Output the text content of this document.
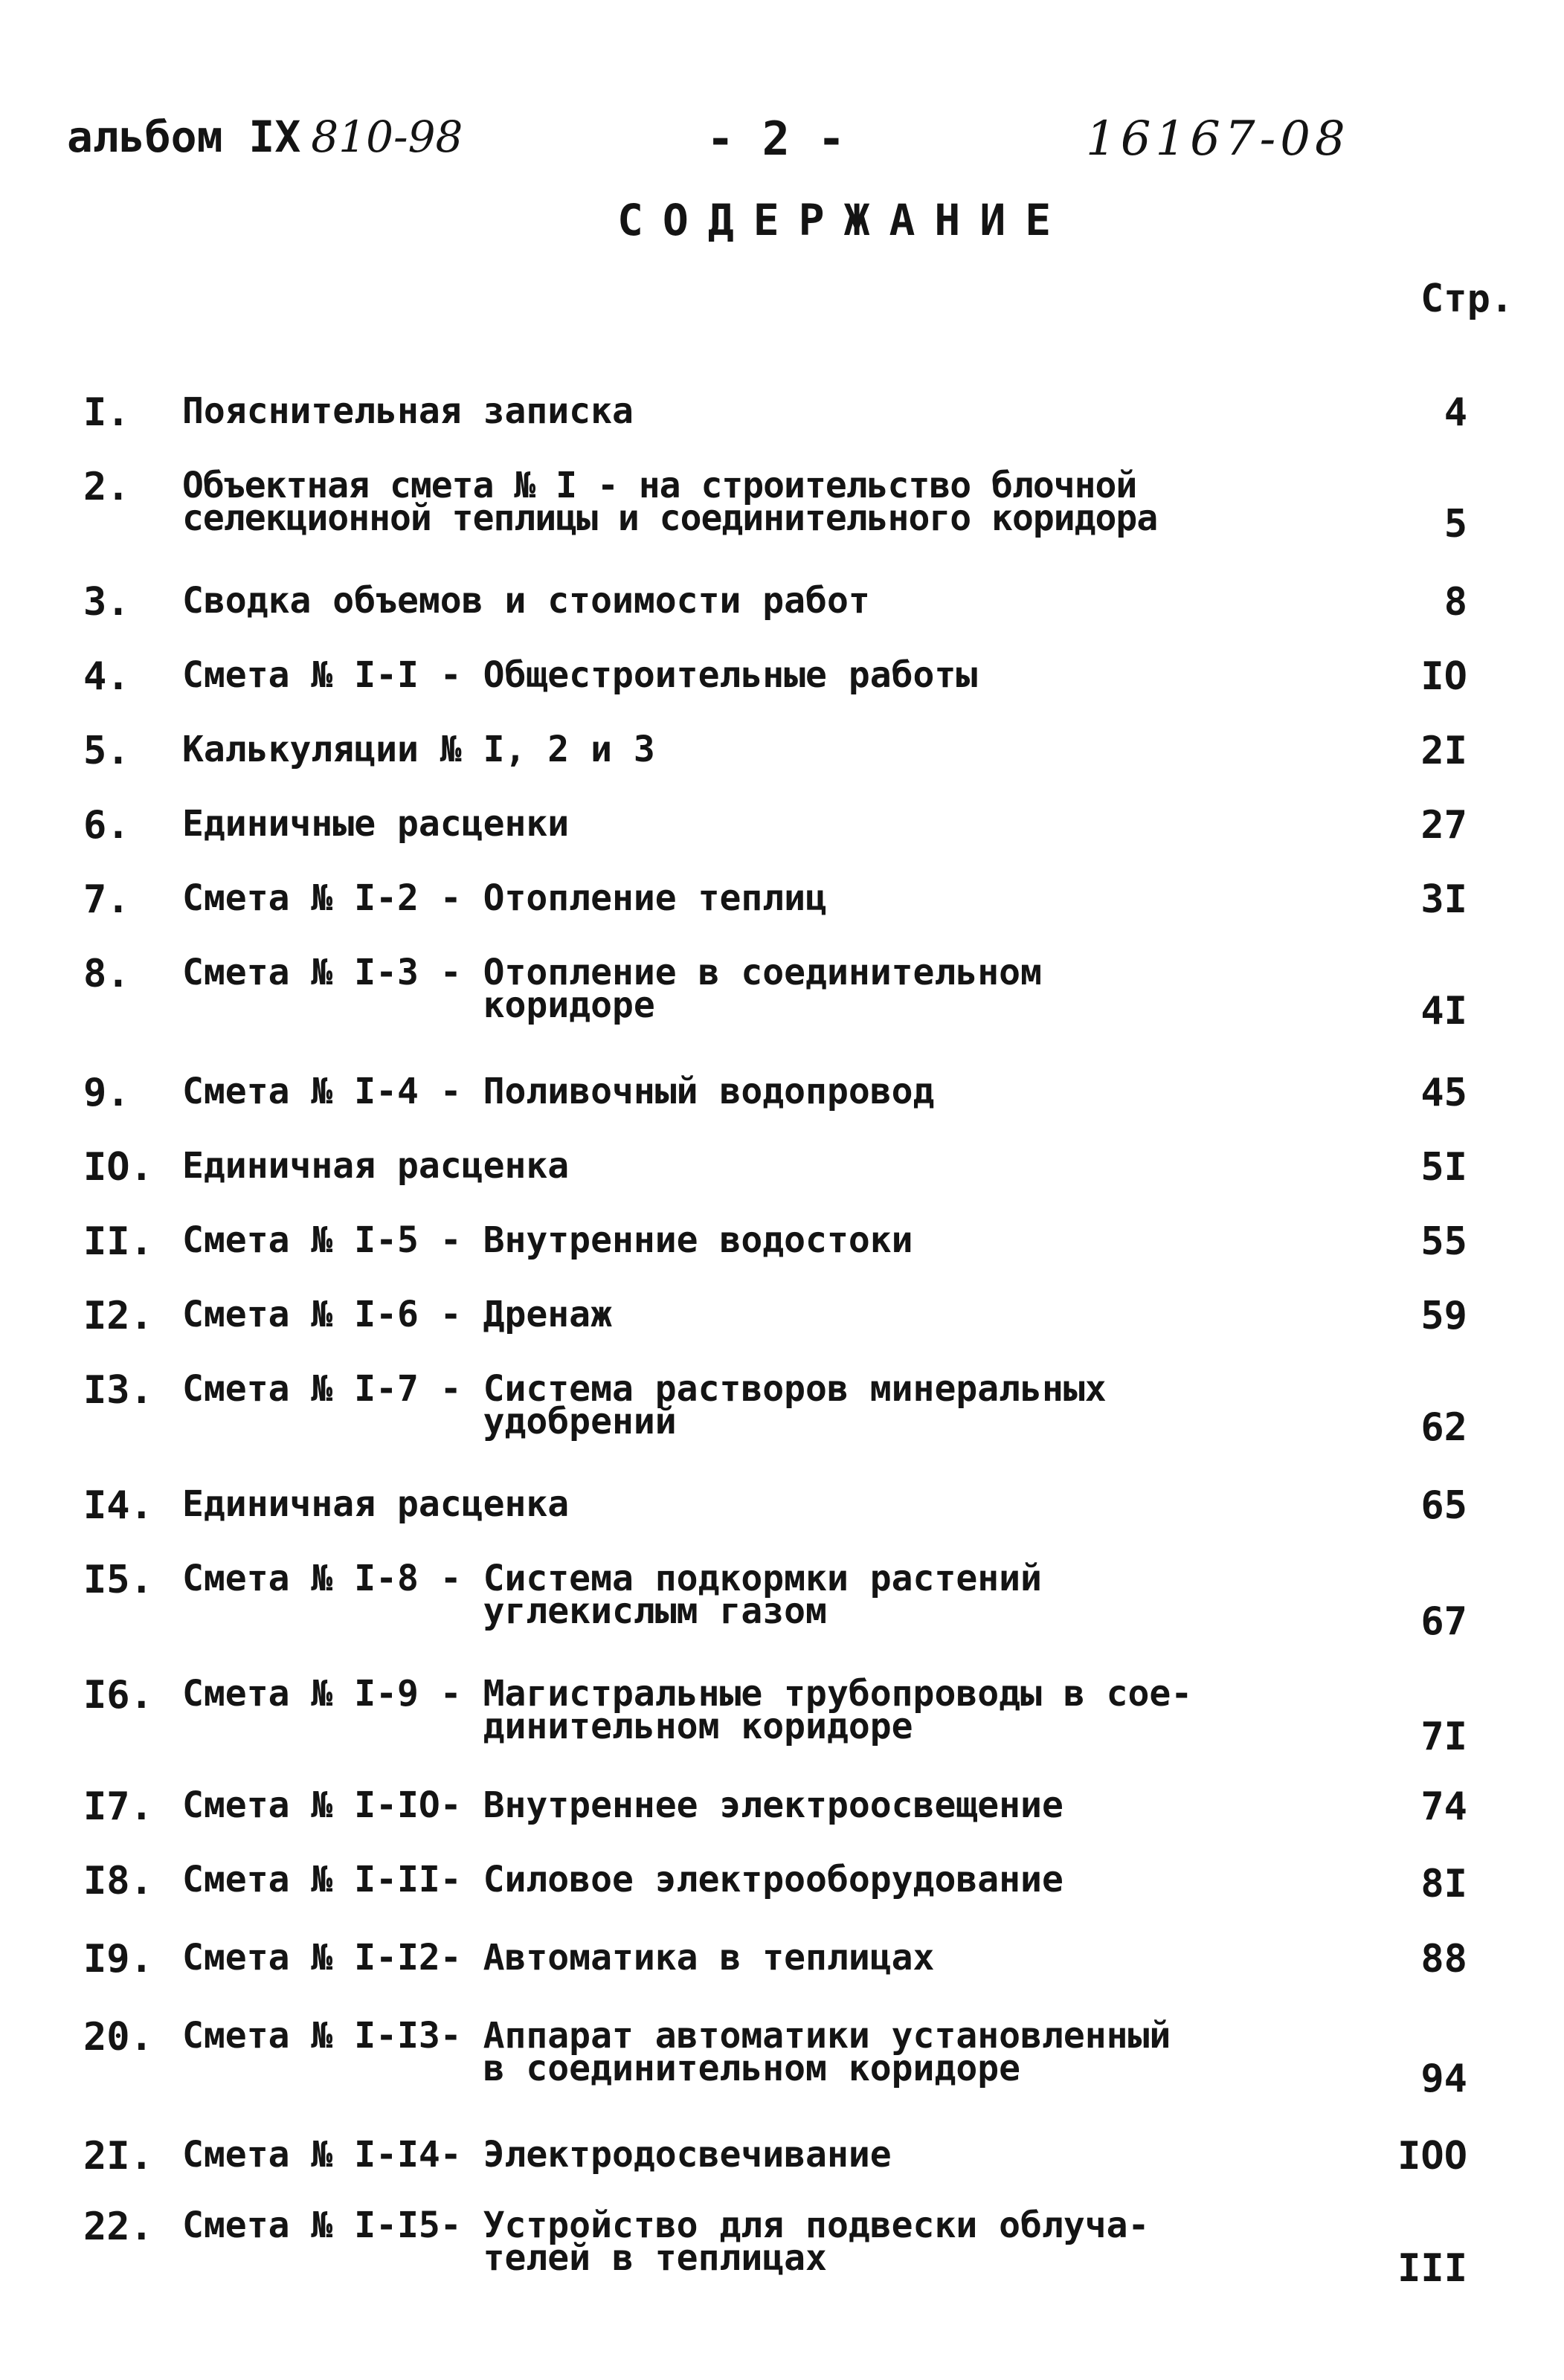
альбом IX 810-98	- 2 -	16167-08
СОДЕРЖАНИЕ
Стр.
I. Пояснительная записка	4
2. Объектная смета № I - на строительство блочной
селекционной теплицы и соединительного коридора	5
3. Сводка объемов и стоимости работ	8
4. Смета № I-I - Общестроительные работы	IO
5. Калькуляции № I, 2 и 3	2I
6. Единичные расценки	27
7. Смета № I-2 - Отопление теплиц	3I
8. Смета № I-3 - Отопление в соединительном
коридоре	4I
9. Смета № I-4 - Поливочный водопровод	45
IO. Единичная расценка	5I
II. Смета № I-5 - Внутренние водостоки	55
I2. Смета № I-6 - Дренаж	59
I3. Смета № I-7 - Система растворов минеральных
удобрений	62
I4. Единичная расценка	65
I5. Смета № I-8 - Система подкормки растений
углекислым газом	67
I6. Смета № I-9 - Магистральные трубопроводы в сое-
динительном коридоре	7I
I7. Смета № I-IO- Внутреннее электроосвещение	74
I8. Смета № I-II- Силовое электрооборудование	8I
I9. Смета № I-I2- Автоматика в теплицах	88
20. Смета № I-I3- Аппарат автоматики установленный
в соединительном коридоре	94
2I. Смета № I-I4- Электродосвечивание	IOO
22. Смета № I-I5- Устройство для подвески облуча-
телей в теплицах	III
